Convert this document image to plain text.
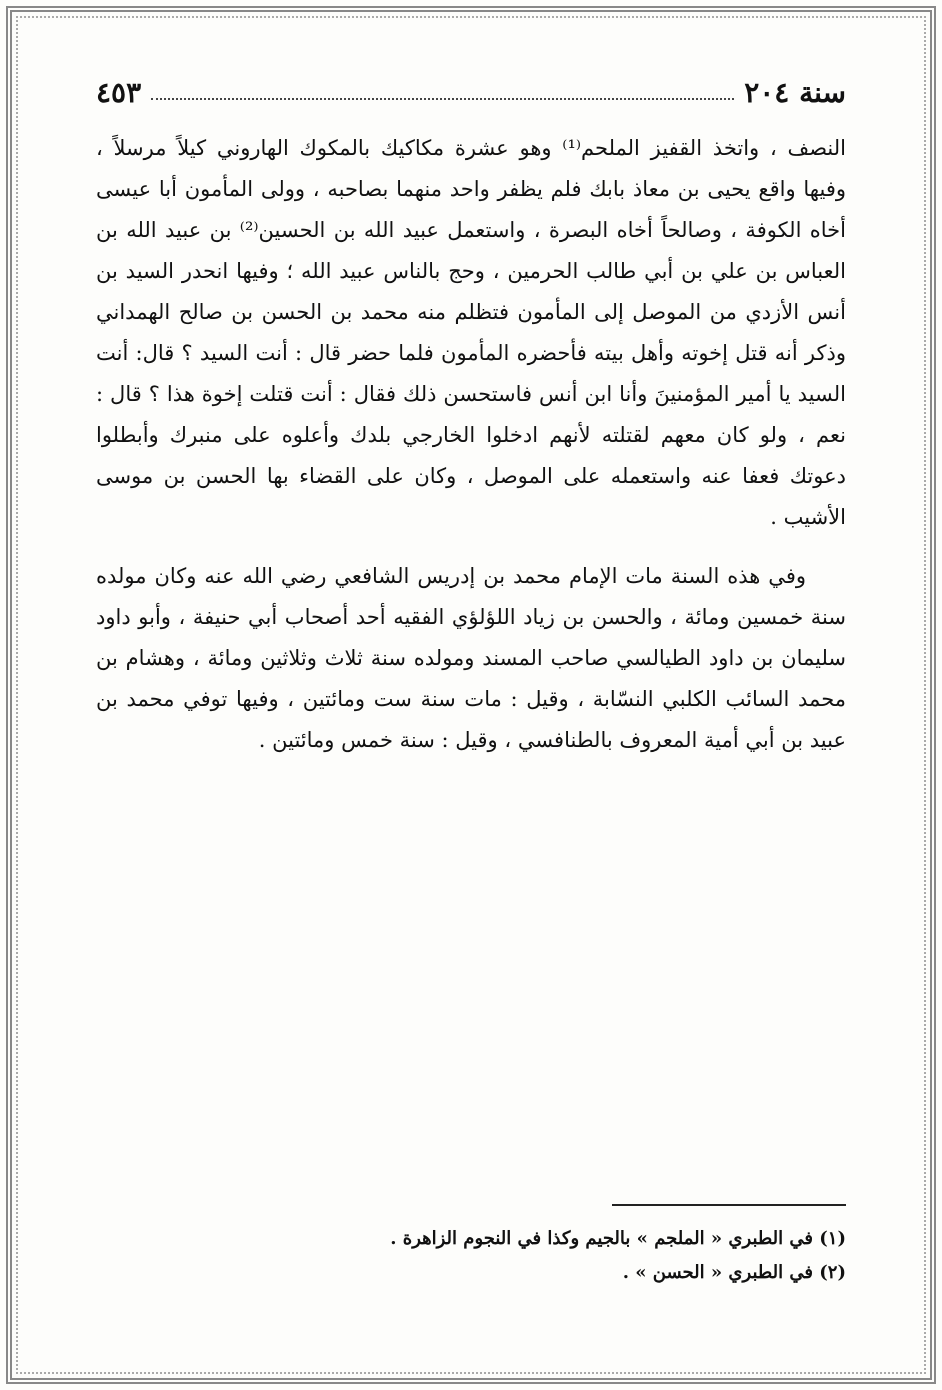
سنة ٢٠٤
٤٥٣

النصف ، واتخذ القفيز الملحم⁽¹⁾ وهو عشرة مكاكيك بالمكوك الهاروني كيلاً مرسلاً ، وفيها واقع يحيى بن معاذ بابك فلم يظفر واحد منهما بصاحبه ، وولى المأمون أبا عيسى أخاه الكوفة ، وصالحاً أخاه البصرة ، واستعمل عبيد الله بن الحسين⁽²⁾ بن عبيد الله بن العباس بن علي بن أبي طالب الحرمين ، وحج بالناس عبيد الله ؛ وفيها انحدر السيد بن أنس الأزدي من الموصل إلى المأمون فتظلم منه محمد بن الحسن بن صالح الهمداني وذكر أنه قتل إخوته وأهل بيته فأحضره المأمون فلما حضر قال : أنت السيد ؟ قال: أنت السيد يا أمير المؤمنينَ وأنا ابن أنس فاستحسن ذلك فقال : أنت قتلت إخوة هذا ؟ قال : نعم ، ولو كان معهم لقتلته لأنهم ادخلوا الخارجي بلدك وأعلوه على منبرك وأبطلوا دعوتك فعفا عنه واستعمله على الموصل ، وكان على القضاء بها الحسن بن موسى الأشيب .

وفي هذه السنة مات الإمام محمد بن إدريس الشافعي رضي الله عنه وكان مولده سنة خمسين ومائة ، والحسن بن زياد اللؤلؤي الفقيه أحد أصحاب أبي حنيفة ، وأبو داود سليمان بن داود الطيالسي صاحب المسند ومولده سنة ثلاث وثلاثين ومائة ، وهشام بن محمد السائب الكلبي النسّابة ، وقيل : مات سنة ست ومائتين ، وفيها توفي محمد بن عبيد بن أبي أمية المعروف بالطنافسي ، وقيل : سنة خمس ومائتين .

(١) في الطبري « الملجم » بالجيم وكذا في النجوم الزاهرة .

(٢) في الطبري « الحسن » .
